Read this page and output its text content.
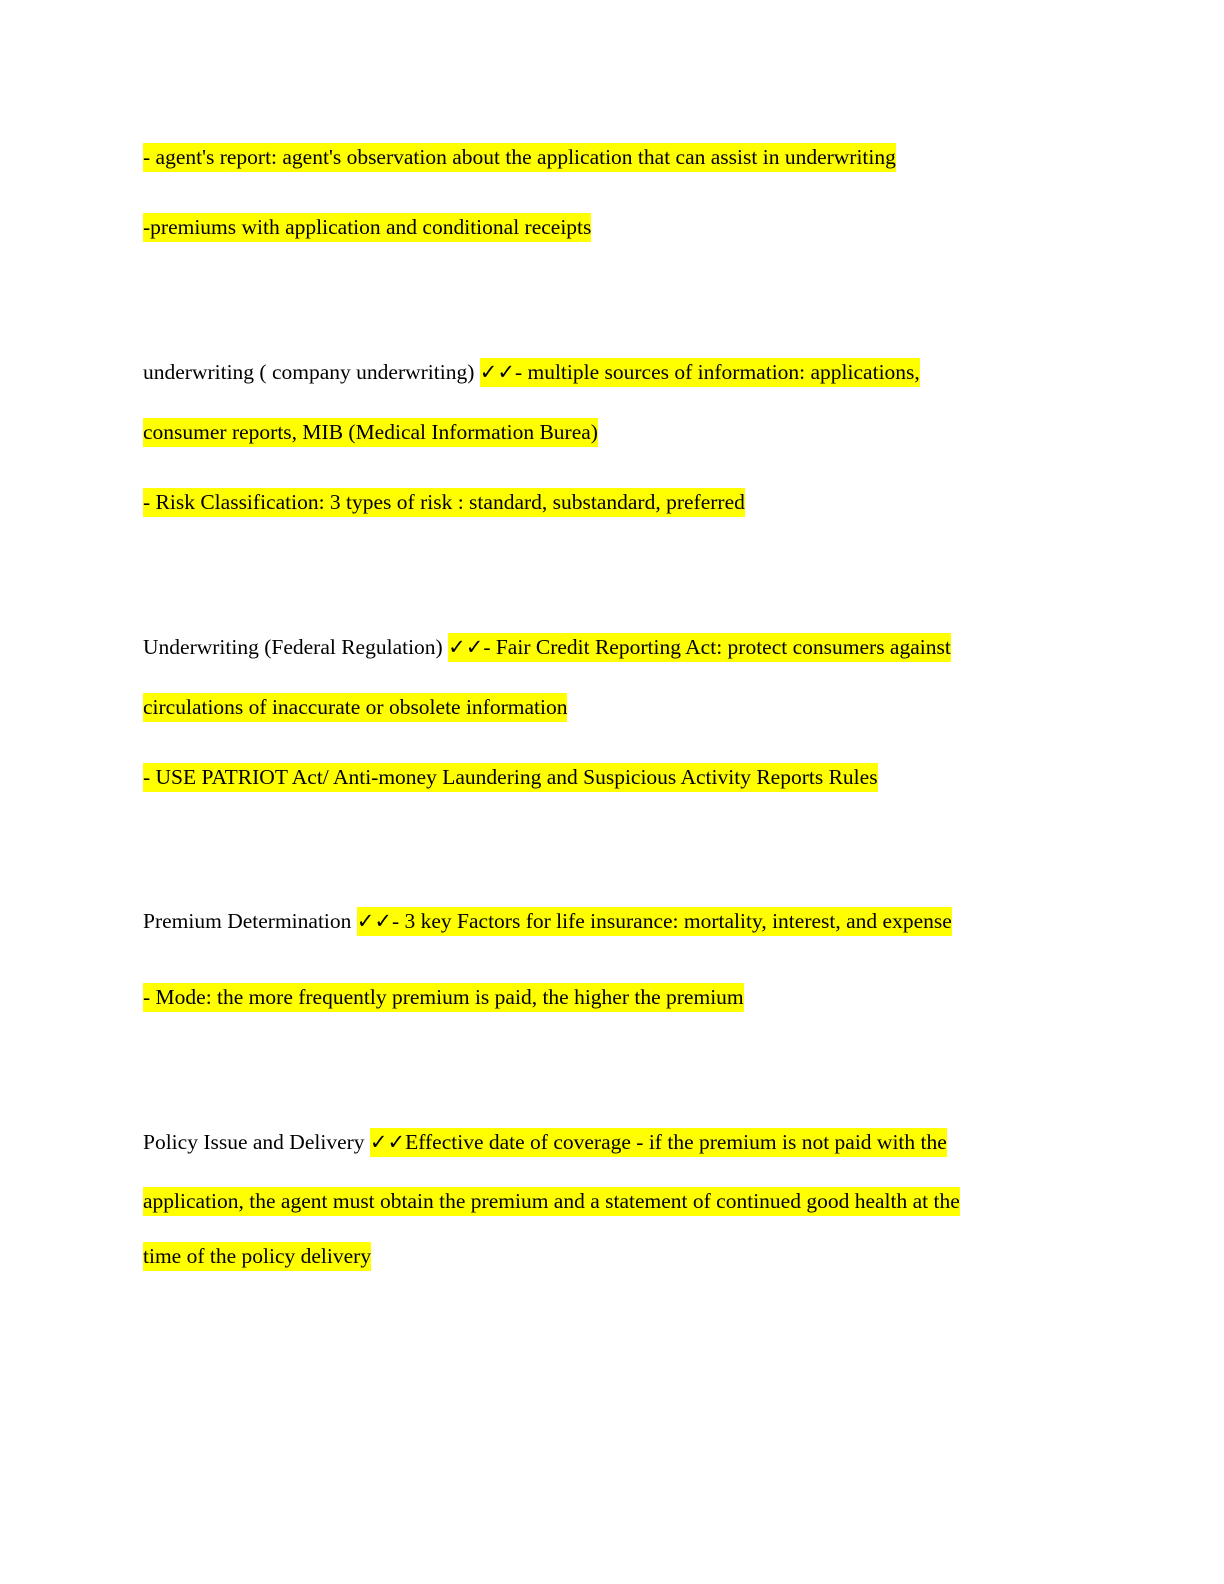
- agent's report: agent's observation about the application that can assist in underwriting
-premiums with application and conditional receipts
underwriting ( company underwriting) ✓✓- multiple sources of information: applications,
consumer reports, MIB (Medical Information Burea)
- Risk Classification: 3 types of risk : standard, substandard, preferred
Underwriting (Federal Regulation) ✓✓- Fair Credit Reporting Act: protect consumers against
circulations of inaccurate or obsolete information
- USE PATRIOT Act/ Anti-money Laundering and Suspicious Activity Reports Rules
Premium Determination ✓✓- 3 key Factors for life insurance: mortality, interest, and expense
- Mode: the more frequently premium is paid, the higher the premium
Policy Issue and Delivery ✓✓Effective date of coverage - if the premium is not paid with the
application, the agent must obtain the premium and a statement of continued good health at the
time of the policy delivery
